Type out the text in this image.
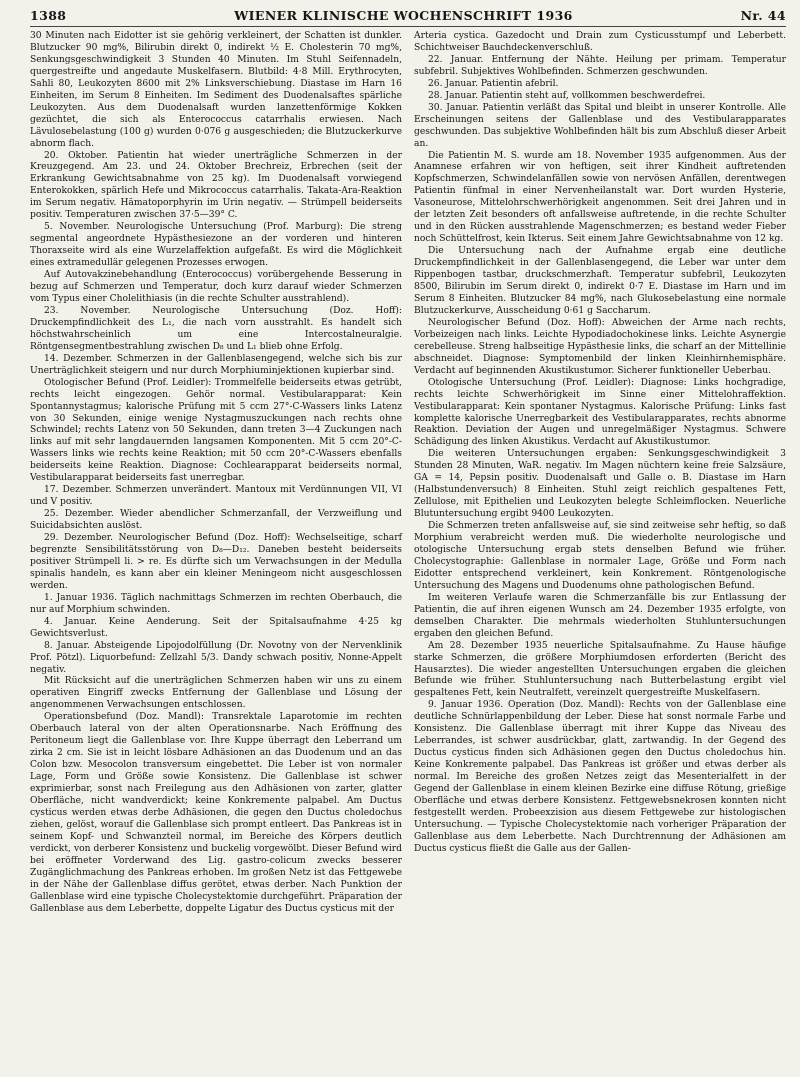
1388	WIENER KLINISCHE WOCHENSCHRIFT 1936	Nr. 44

30 Minuten nach Eidotter ist sie gehörig verkleinert, der Schatten ist dunkler. Blutzucker 90 mg%, Bilirubin direkt 0, indirekt ½ E. Cholesterin 70 mg%, Senkungsgeschwindigkeit 3 Stunden 40 Minuten. Im Stuhl Seifennadeln, quergestreifte und angedaute Muskelfasern. Blutbild: 4·8 Mill. Erythrocyten, Sahli 80, Leukozyten 8600 mit 2% Linksverschiebung. Diastase im Harn 16 Einheiten, im Serum 8 Einheiten. Im Sediment des Duodenalsaftes spärliche Leukozyten. Aus dem Duodenalsaft wurden lanzettenförmige Kokken gezüchtet, die sich als Enterococcus catarrhalis erwiesen. Nach Lävulosebelastung (100 g) wurden 0·076 g ausgeschieden; die Blutzuckerkurve abnorm flach.

20. Oktober. Patientin hat wieder unerträgliche Schmerzen in der Kreuzgegend. Am 23. und 24. Oktober Brechreiz, Erbrechen (seit der Erkrankung Gewichtsabnahme von 25 kg). Im Duodenalsaft vorwiegend Enterokokken, spärlich Hefe und Mikrococcus catarrhalis. Takata-Ara-Reaktion im Serum negativ. Hämatoporphyrin im Urin negativ. — Strümpell beiderseits positiv. Temperaturen zwischen 37·5—39° C.

5. November. Neurologische Untersuchung (Prof. Marburg): Die streng segmental angeordnete Hypästhesiezone an der vorderen und hinteren Thoraxseite wird als eine Wurzelaffektion aufgefaßt. Es wird die Möglichkeit eines extramedullär gelegenen Prozesses erwogen.

Auf Autovakzinebehandlung (Enterococcus) vorübergehende Besserung in bezug auf Schmerzen und Temperatur, doch kurz darauf wieder Schmerzen vom Typus einer Cholelithiasis (in die rechte Schulter ausstrahlend).

23. November. Neurologische Untersuchung (Doz. Hoff): Druckempfindlichkeit des L₁, die nach vorn ausstrahlt. Es handelt sich höchstwahrscheinlich um eine Intercostalneuralgie. Röntgensegmentbestrahlung zwischen D₈ und L₁ blieb ohne Erfolg.

14. Dezember. Schmerzen in der Gallenblasengegend, welche sich bis zur Unerträglichkeit steigern und nur durch Morphiuminjektionen kupierbar sind.

Otologischer Befund (Prof. Leidler): Trommelfelle beiderseits etwas getrübt, rechts leicht eingezogen. Gehör normal. Vestibularapparat: Kein Spontannystagmus; kalorische Prüfung mit 5 ccm 27°-C-Wassers links Latenz von 30 Sekunden, einige wenige Nystagmuszuckungen nach rechts ohne Schwindel; rechts Latenz von 50 Sekunden, dann treten 3—4 Zuckungen nach links auf mit sehr langdauernden langsamen Komponenten. Mit 5 ccm 20°-C-Wassers links wie rechts keine Reaktion; mit 50 ccm 20°-C-Wassers ebenfalls beiderseits keine Reaktion. Diagnose: Cochlearapparat beiderseits normal, Vestibularapparat beiderseits fast unerregbar.

17. Dezember. Schmerzen unverändert. Mantoux mit Verdünnungen VII, VI und V positiv.

25. Dezember. Wieder abendlicher Schmerzanfall, der Verzweiflung und Suicidabsichten auslöst.

29. Dezember. Neurologischer Befund (Doz. Hoff): Wechselseitige, scharf begrenzte Sensibilitätsstörung von D₈—D₁₂. Daneben besteht beiderseits positiver Strümpell li. > re. Es dürfte sich um Verwachsungen in der Medulla spinalis handeln, es kann aber ein kleiner Meningeom nicht ausgeschlossen werden.

1. Januar 1936. Täglich nachmittags Schmerzen im rechten Oberbauch, die nur auf Morphium schwinden.

4. Januar. Keine Aenderung. Seit der Spitalsaufnahme 4·25 kg Gewichtsverlust.

8. Januar. Absteigende Lipojodolfüllung (Dr. Novotny von der Nervenklinik Prof. Pötzl). Liquorbefund: Zellzahl 5/3. Dandy schwach positiv, Nonne-Appelt negativ.

Mit Rücksicht auf die unerträglichen Schmerzen haben wir uns zu einem operativen Eingriff zwecks Entfernung der Gallenblase und Lösung der angenommenen Verwachsungen entschlossen.

Operationsbefund (Doz. Mandl): Transrektale Laparotomie im rechten Oberbauch lateral von der alten Operationsnarbe. Nach Eröffnung des Peritoneum liegt die Gallenblase vor. Ihre Kuppe überragt den Leberrand um zirka 2 cm. Sie ist in leicht lösbare Adhäsionen an das Duodenum und an das Colon bzw. Mesocolon transversum eingebettet. Die Leber ist von normaler Lage, Form und Größe sowie Konsistenz. Die Gallenblase ist schwer exprimierbar, sonst nach Freilegung aus den Adhäsionen von zarter, glatter Oberfläche, nicht wandverdickt; keine Konkremente palpabel. Am Ductus cysticus werden etwas derbe Adhäsionen, die gegen den Ductus choledochus ziehen, gelöst, worauf die Gallenblase sich prompt entleert. Das Pankreas ist in seinem Kopf- und Schwanzteil normal, im Bereiche des Körpers deutlich verdickt, von derberer Konsistenz und buckelig vorgewölbt. Dieser Befund wird bei eröffneter Vorderwand des Lig. gastro-colicum zwecks besserer Zugänglichmachung des Pankreas erhoben. Im großen Netz ist das Fettgewebe in der Nähe der Gallenblase diffus gerötet, etwas derber. Nach Punktion der Gallenblase wird eine typische Cholecystektomie durchgeführt. Präparation der Gallenblase aus dem Leberbette, doppelte Ligatur des Ductus cysticus mit der

Arteria cystica. Gazedocht und Drain zum Cysticusstumpf und Leberbett. Schichtweiser Bauchdeckenverschluß.

22. Januar. Entfernung der Nähte. Heilung per primam. Temperatur subfebril. Subjektives Wohlbefinden. Schmerzen geschwunden.

26. Januar. Patientin afebril.

28. Januar. Patientin steht auf, vollkommen beschwerdefrei.

30. Januar. Patientin verläßt das Spital und bleibt in unserer Kontrolle. Alle Erscheinungen seitens der Gallenblase und des Vestibularapparates geschwunden. Das subjektive Wohlbefinden hält bis zum Abschluß dieser Arbeit an.

Die Patientin M. S. wurde am 18. November 1935 aufgenommen. Aus der Anamnese erfahren wir von heftigen, seit ihrer Kindheit auftretenden Kopfschmerzen, Schwindelanfällen sowie von nervösen Anfällen, derentwegen Patientin fünfmal in einer Nervenheilanstalt war. Dort wurden Hysterie, Vasoneurose, Mittelohrschwerhörigkeit angenommen. Seit drei Jahren und in der letzten Zeit besonders oft anfallsweise auftretende, in die rechte Schulter und in den Rücken ausstrahlende Magenschmerzen; es bestand weder Fieber noch Schüttelfrost, kein Ikterus. Seit einem Jahre Gewichtsabnahme von 12 kg.

Die Untersuchung nach der Aufnahme ergab eine deutliche Druckempfindlichkeit in der Gallenblasengegend, die Leber war unter dem Rippenbogen tastbar, druckschmerzhaft. Temperatur subfebril, Leukozyten 8500, Bilirubin im Serum direkt 0, indirekt 0·7 E. Diastase im Harn und im Serum 8 Einheiten. Blutzucker 84 mg%, nach Glukosebelastung eine normale Blutzuckerkurve, Ausscheidung 0·61 g Saccharum.

Neurologischer Befund (Doz. Hoff): Abweichen der Arme nach rechts, Vorbeizeigen nach links. Leichte Hypodiadochokinese links. Leichte Asynergie cerebelleuse. Streng halbseitige Hypästhesie links, die scharf an der Mittellinie abschneidet. Diagnose: Symptomenbild der linken Kleinhirnhemisphäre. Verdacht auf beginnenden Akustikustumor. Sicherer funktioneller Ueberbau.

Otologische Untersuchung (Prof. Leidler): Diagnose: Links hochgradige, rechts leichte Schwerhörigkeit im Sinne einer Mittelohraffektion. Vestibularapparat: Kein spontaner Nystagmus. Kalorische Prüfung: Links fast komplette kalorische Unerregbarkeit des Vestibularapparates, rechts abnorme Reaktion. Deviation der Augen und unregelmäßiger Nystagmus. Schwere Schädigung des linken Akustikus. Verdacht auf Akustikustumor.

Die weiteren Untersuchungen ergaben: Senkungsgeschwindigkeit 3 Stunden 28 Minuten, WaR. negativ. Im Magen nüchtern keine freie Salzsäure, GA = 14, Pepsin positiv. Duodenalsaft und Galle o. B. Diastase im Harn (Halbstundenversuch) 8 Einheiten. Stuhl zeigt reichlich gespaltenes Fett, Zellulose, mit Epithelien und Leukozyten belegte Schleimflocken. Neuerliche Blutuntersuchung ergibt 9400 Leukozyten.

Die Schmerzen treten anfallsweise auf, sie sind zeitweise sehr heftig, so daß Morphium verabreicht werden muß. Die wiederholte neurologische und otologische Untersuchung ergab stets denselben Befund wie früher. Cholecystographie: Gallenblase in normaler Lage, Größe und Form nach Eidotter entsprechend verkleinert, kein Konkrement. Röntgenologische Untersuchung des Magens und Duodenums ohne pathologischen Befund.

Im weiteren Verlaufe waren die Schmerzanfälle bis zur Entlassung der Patientin, die auf ihren eigenen Wunsch am 24. Dezember 1935 erfolgte, von demselben Charakter. Die mehrmals wiederholten Stuhluntersuchungen ergaben den gleichen Befund.

Am 28. Dezember 1935 neuerliche Spitalsaufnahme. Zu Hause häufige starke Schmerzen, die größere Morphiumdosen erforderten (Bericht des Hausarztes). Die wieder angestellten Untersuchungen ergaben die gleichen Befunde wie früher. Stuhluntersuchung nach Butterbelastung ergibt viel gespaltenes Fett, kein Neutralfett, vereinzelt quergestreifte Muskelfasern.

9. Januar 1936. Operation (Doz. Mandl): Rechts von der Gallenblase eine deutliche Schnürlappenbildung der Leber. Diese hat sonst normale Farbe und Konsistenz. Die Gallenblase überragt mit ihrer Kuppe das Niveau des Leberrandes, ist schwer ausdrückbar, glatt, zartwandig. In der Gegend des Ductus cysticus finden sich Adhäsionen gegen den Ductus choledochus hin. Keine Konkremente palpabel. Das Pankreas ist größer und etwas derber als normal. Im Bereiche des großen Netzes zeigt das Mesenterialfett in der Gegend der Gallenblase in einem kleinen Bezirke eine diffuse Rötung, grießige Oberfläche und etwas derbere Konsistenz. Fettgewebsnekrosen konnten nicht festgestellt werden. Probeexzision aus diesem Fettgewebe zur histologischen Untersuchung. — Typische Cholecystektomie nach vorheriger Präparation der Gallenblase aus dem Leberbette. Nach Durchtrennung der Adhäsionen am Ductus cysticus fließt die Galle aus der Gallen-
